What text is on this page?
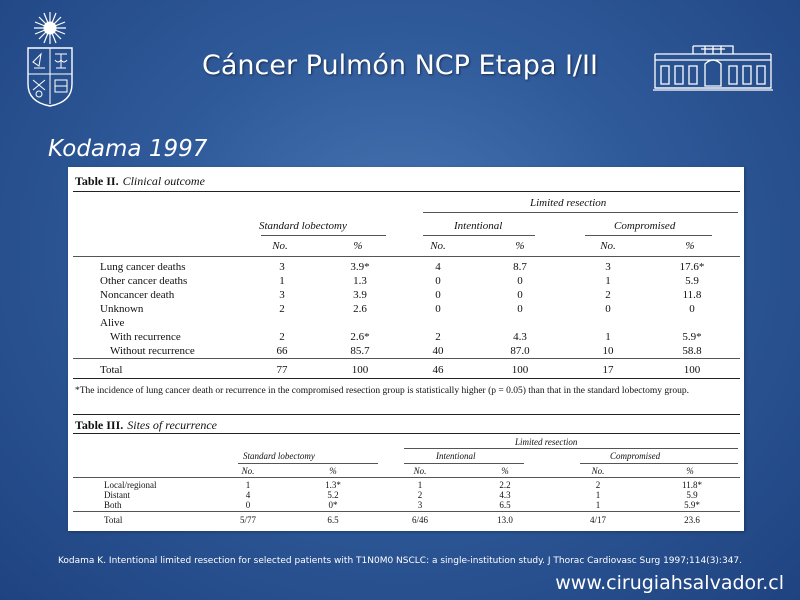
Cáncer Pulmón NCP Etapa I/II
Kodama 1997
Table II. Clinical outcome
Limited resection
Standard lobectomy	Intentional	Compromised
No.	%	No.	%	No.	%
Lung cancer deaths	3	3.9*	4	8.7	3	17.6*
Other cancer deaths	1	1.3	0	0	1	5.9
Noncancer death	3	3.9	0	0	2	11.8
Unknown	2	2.6	0	0	0	0
Alive
With recurrence	2	2.6*	2	4.3	1	5.9*
Without recurrence	66	85.7	40	87.0	10	58.8
Total	77	100	46	100	17	100
*The incidence of lung cancer death or recurrence in the compromised resection group is statistically higher (p = 0.05) than that in the standard lobectomy group.
Table III. Sites of recurrence
Limited resection
Standard lobectomy	Intentional	Compromised
No.	%	No.	%	No.	%
Local/regional	1	1.3*	1	2.2	2	11.8*
Distant	4	5.2	2	4.3	1	5.9
Both	0	0*	3	6.5	1	5.9*
Total	5/77	6.5	6/46	13.0	4/17	23.6
Kodama K. Intentional limited resection for selected patients with T1N0M0 NSCLC: a single-institution study. J Thorac Cardiovasc Surg 1997;114(3):347.
www.cirugiahsalvador.cl
